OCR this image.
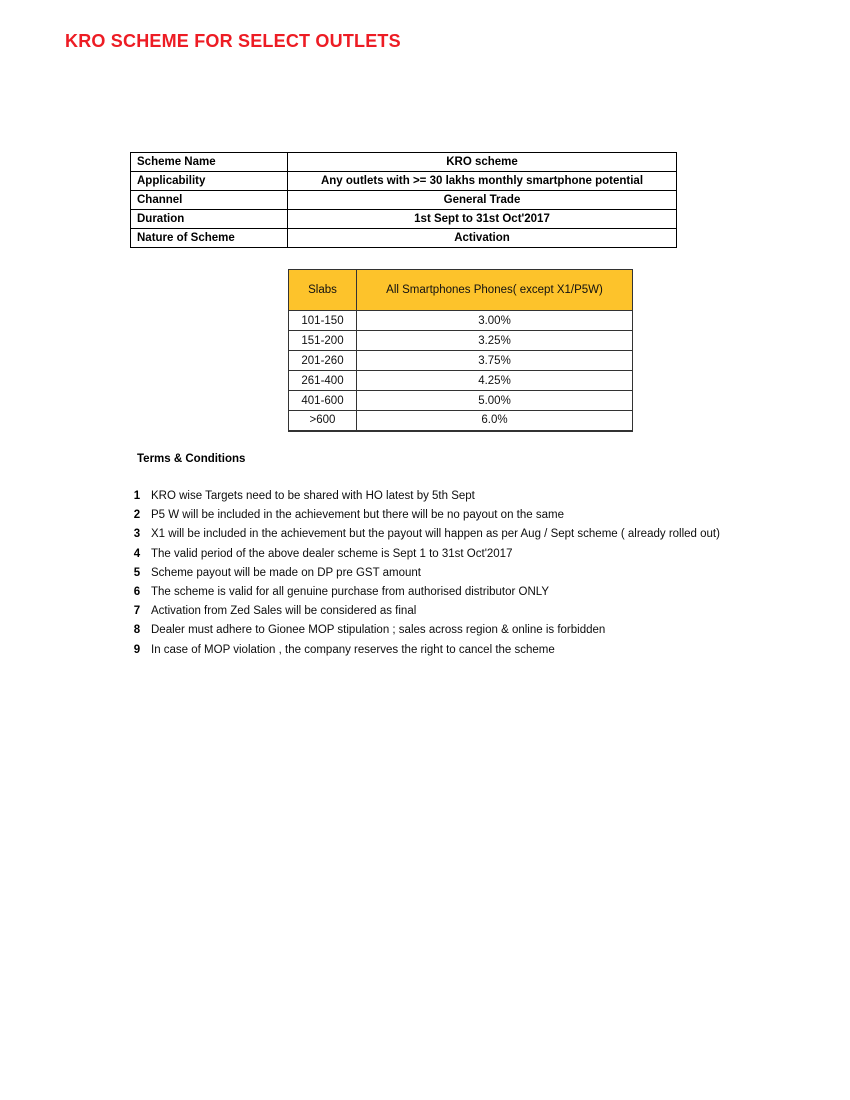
KRO SCHEME FOR SELECT OUTLETS
Scheme Name	KRO scheme
Applicability	Any outlets with >= 30 lakhs monthly smartphone potential
Channel	General Trade
Duration	1st Sept to 31st Oct'2017
Nature of Scheme	Activation
Slabs	All Smartphones Phones( except X1/P5W)
101-150	3.00%
151-200	3.25%
201-260	3.75%
261-400	4.25%
401-600	5.00%
>600	6.0%
Terms & Conditions
1 KRO wise Targets need to be shared with HO latest by 5th Sept
2 P5 W will be included in the achievement but there will be no payout on the same
3 X1 will be included in the achievement but the payout will happen as per Aug / Sept scheme ( already rolled out)
4 The valid period of the above dealer scheme is Sept 1 to 31st Oct'2017
5 Scheme payout will be made on DP pre GST amount
6 The scheme is valid for all genuine purchase from authorised distributor ONLY
7 Activation from Zed Sales will be considered as final
8 Dealer must adhere to Gionee MOP stipulation ; sales across region & online is forbidden
9 In case of MOP violation , the company reserves the right to cancel the scheme
